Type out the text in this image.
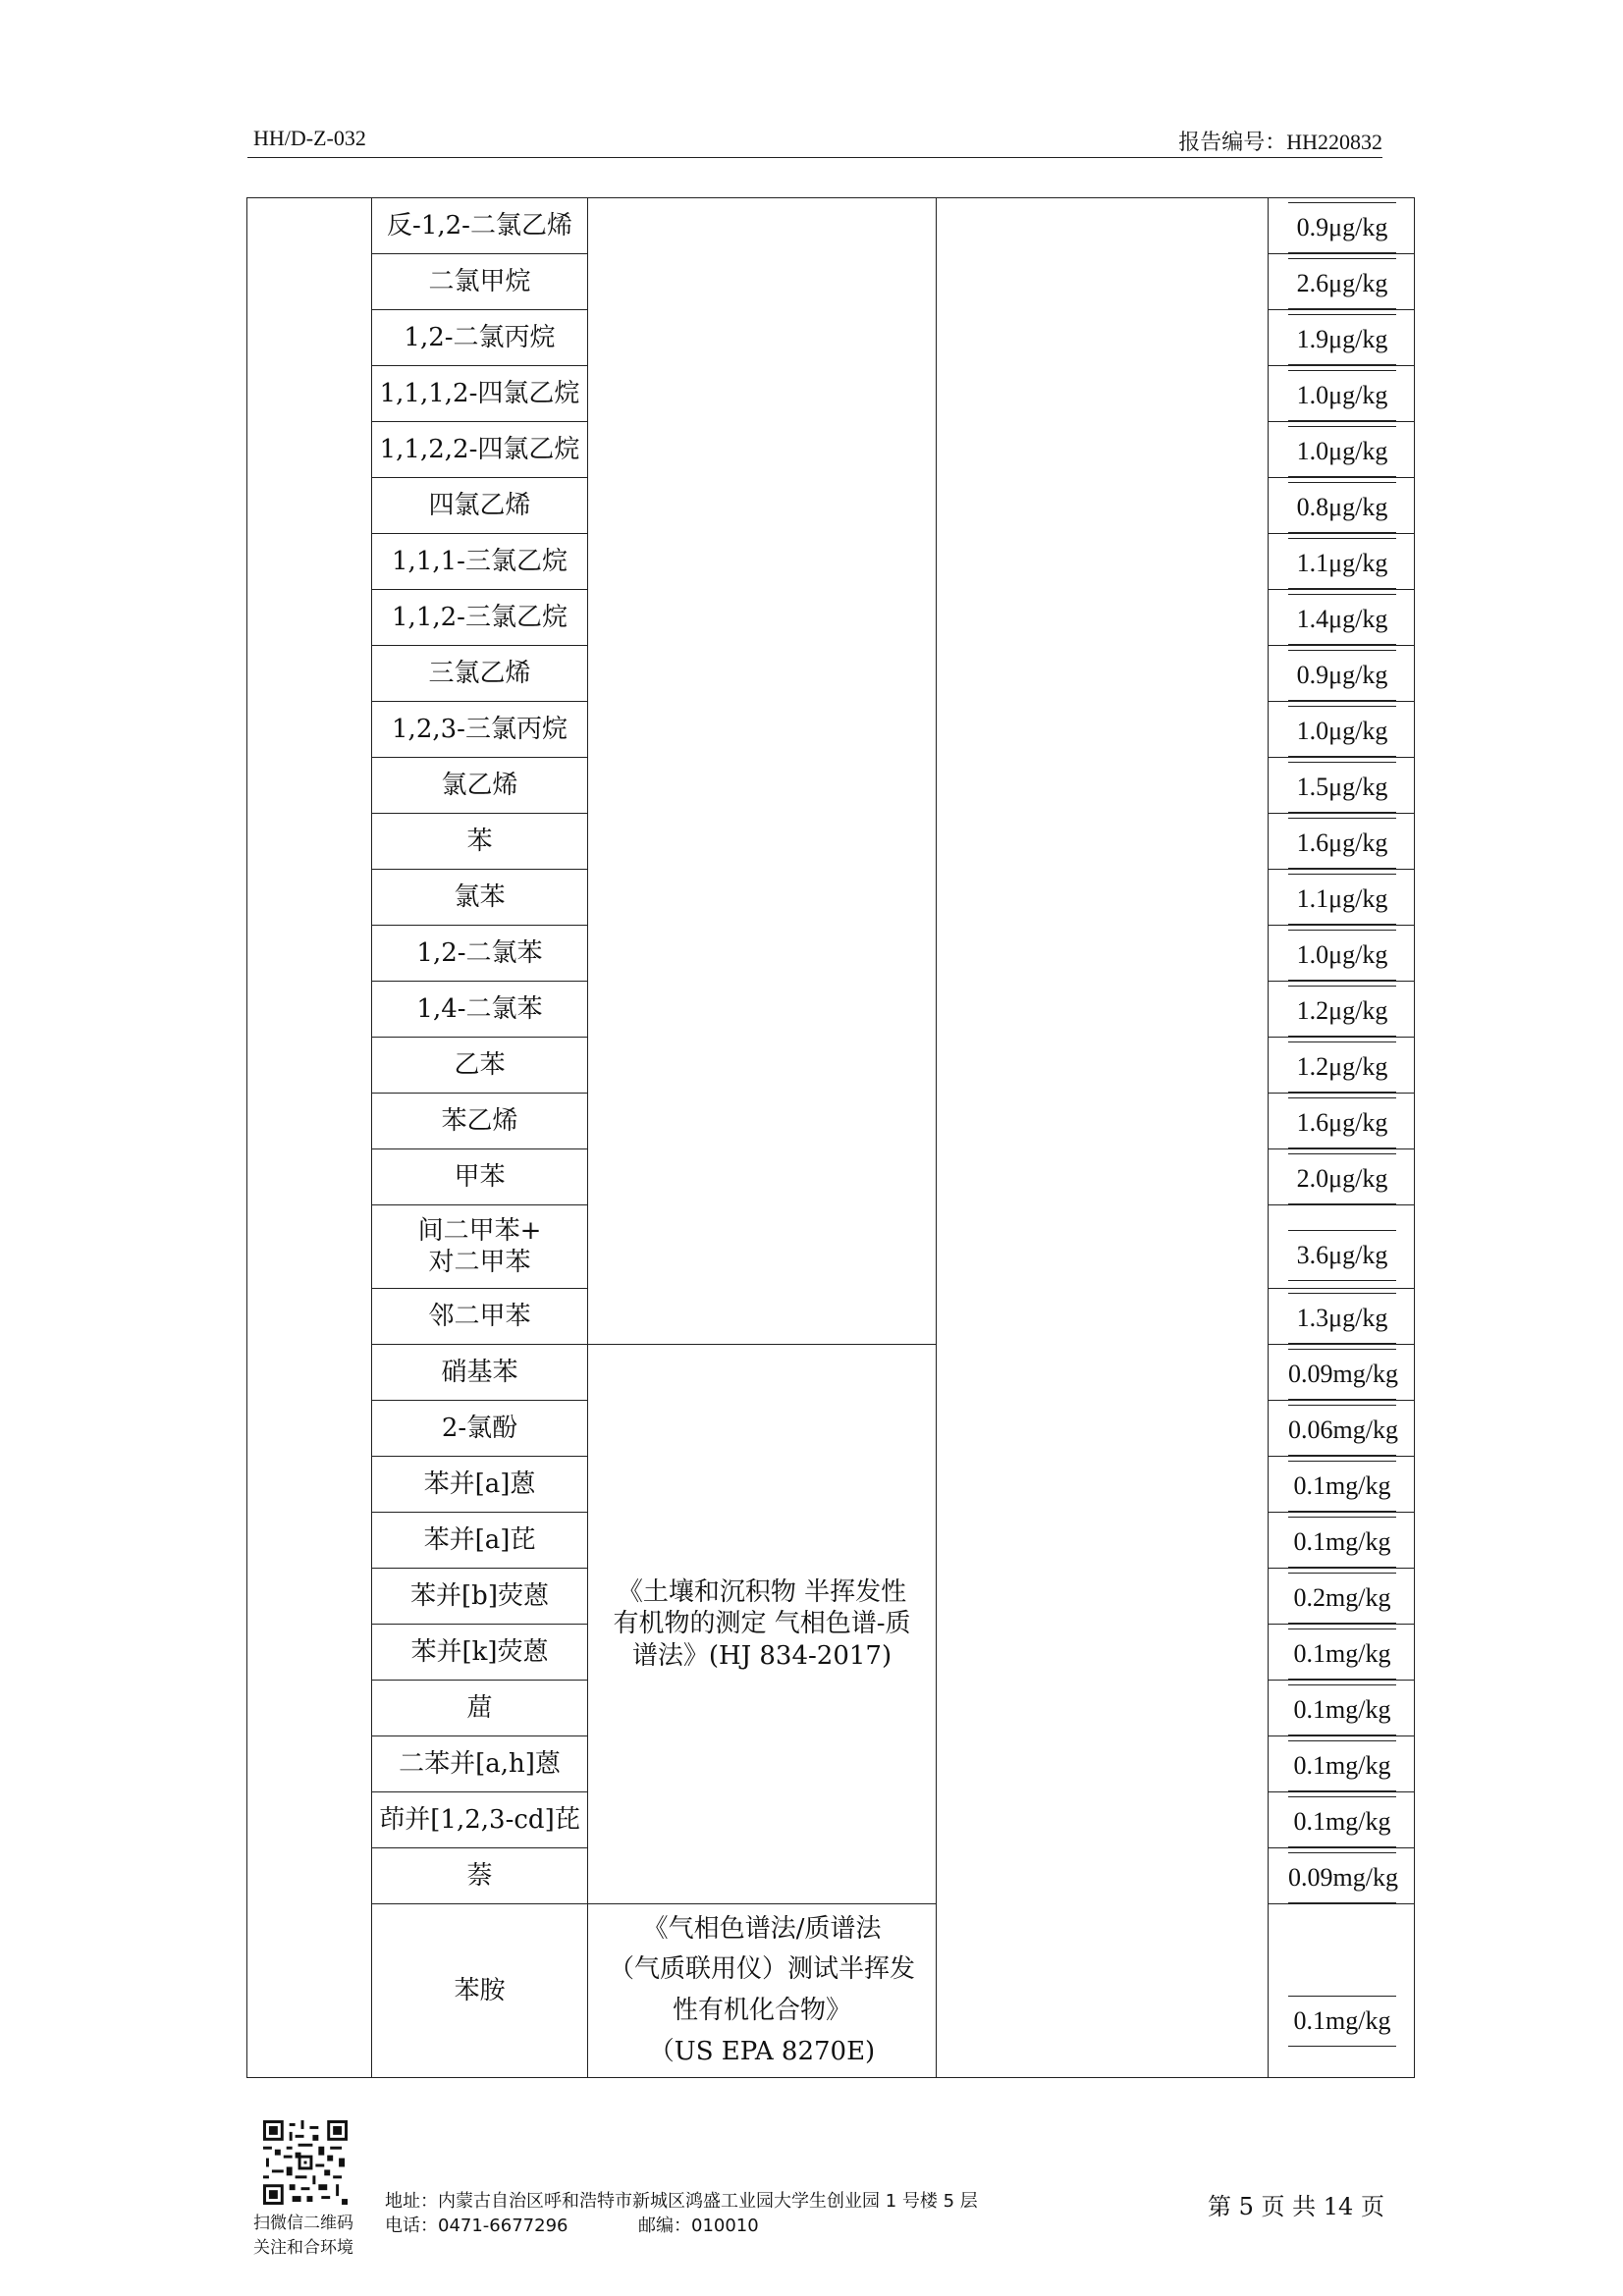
HH/D-Z-032	报告编号：HH220832
	反-1,2-二氯乙烯			0.9μg/kg

	二氯甲烷			2.6μg/kg

	1,2-二氯丙烷			1.9μg/kg

	1,1,1,2-四氯乙烷			1.0μg/kg

	1,1,2,2-四氯乙烷			1.0μg/kg

	四氯乙烯			0.8μg/kg

	1,1,1-三氯乙烷			1.1μg/kg

	1,1,2-三氯乙烷			1.4μg/kg

	三氯乙烯			0.9μg/kg

	1,2,3-三氯丙烷			1.0μg/kg

	氯乙烯			1.5μg/kg

	苯			1.6μg/kg

	氯苯			1.1μg/kg

	1,2-二氯苯			1.0μg/kg

	1,4-二氯苯			1.2μg/kg

	乙苯			1.2μg/kg

	苯乙烯			1.6μg/kg

	甲苯			2.0μg/kg

	间二甲苯+
对二甲苯			3.6μg/kg

	邻二甲苯			1.3μg/kg

	硝基苯	《土壤和沉积物 半挥发性
有机物的测定 气相色谱-质
谱法》(HJ 834-2017)		0.09mg/kg

	2-氯酚			0.06mg/kg

	苯并[a]蒽			0.1mg/kg

	苯并[a]芘			0.1mg/kg

	苯并[b]荧蒽			0.2mg/kg

	苯并[k]荧蒽			0.1mg/kg

	䓛			0.1mg/kg

	二苯并[a,h]蒽			0.1mg/kg

	茚并[1,2,3-cd]芘			0.1mg/kg

	萘			0.09mg/kg

	苯胺	《气相色谱法/质谱法
（气质联用仪）测试半挥发
性有机化合物》
（US EPA 8270E)		0.1mg/kg
扫微信二维码
关注和合环境
地址：内蒙古自治区呼和浩特市新城区鸿盛工业园大学生创业园 1 号楼 5 层
电话：0471-6677296	邮编：010010
第 5 页 共 14 页
